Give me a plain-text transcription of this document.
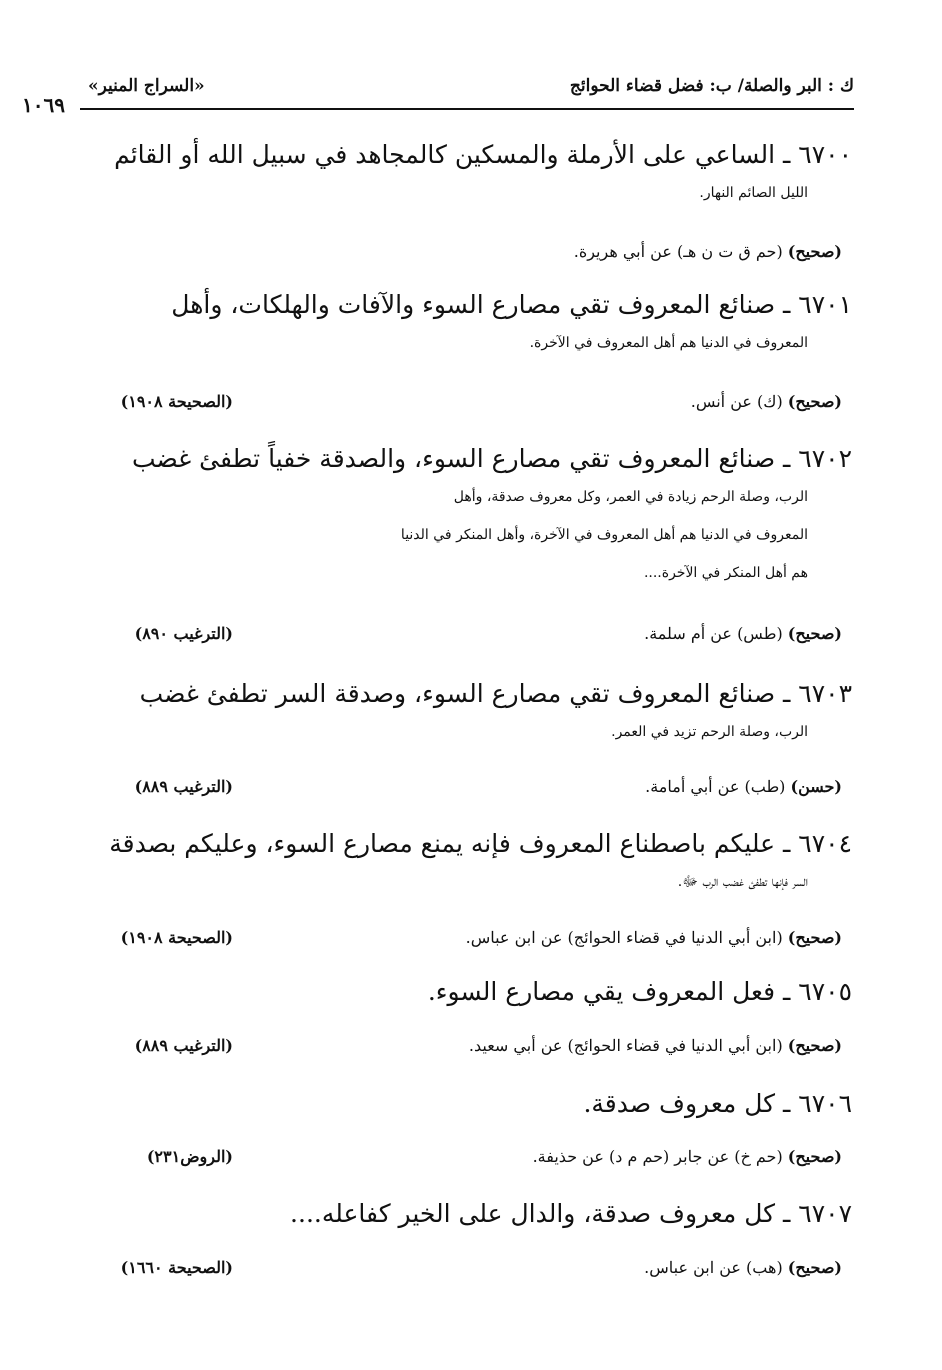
ك : البر والصلة/ ب: فضل قضاء الحوائج
«السراج المنير»
١٠٦٩
٦٧٠٠ ـ الساعي على الأرملة والمسكين كالمجاهد في سبيل الله أو القائم
الليل الصائم النهار.
(صحيح) (حم ق ت ن هـ) عن أبي هريرة.
٦٧٠١ ـ صنائع المعروف تقي مصارع السوء والآفات والهلكات، وأهل
المعروف في الدنيا هم أهل المعروف في الآخرة.
(صحيح) (ك) عن أنس.
(الصحيحة ١٩٠٨)
٦٧٠٢ ـ صنائع المعروف تقي مصارع السوء، والصدقة خفياً تطفئ غضب
الرب، وصلة الرحم زيادة في العمر، وكل معروف صدقة، وأهل
المعروف في الدنيا هم أهل المعروف في الآخرة، وأهل المنكر في الدنيا
هم أهل المنكر في الآخرة....
(صحيح) (طس) عن أم سلمة.
(الترغيب ٨٩٠)
٦٧٠٣ ـ صنائع المعروف تقي مصارع السوء، وصدقة السر تطفئ غضب
الرب، وصلة الرحم تزيد في العمر.
(حسن) (طب) عن أبي أمامة.
(الترغيب ٨٨٩)
٦٧٠٤ ـ عليكم باصطناع المعروف فإنه يمنع مصارع السوء، وعليكم بصدقة
السر فإنها تطفئ غضب الرب ﷻ.
(صحيح) (ابن أبي الدنيا في قضاء الحوائج) عن ابن عباس.
(الصحيحة ١٩٠٨)
٦٧٠٥ ـ فعل المعروف يقي مصارع السوء.
(صحيح) (ابن أبي الدنيا في قضاء الحوائج) عن أبي سعيد.
(الترغيب ٨٨٩)
٦٧٠٦ ـ كل معروف صدقة.
(صحيح) (حم خ) عن جابر (حم م د) عن حذيفة.
(الروض٢٣١)
٦٧٠٧ ـ كل معروف صدقة، والدال على الخير كفاعله....
(صحيح) (هب) عن ابن عباس.
(الصحيحة ١٦٦٠)
